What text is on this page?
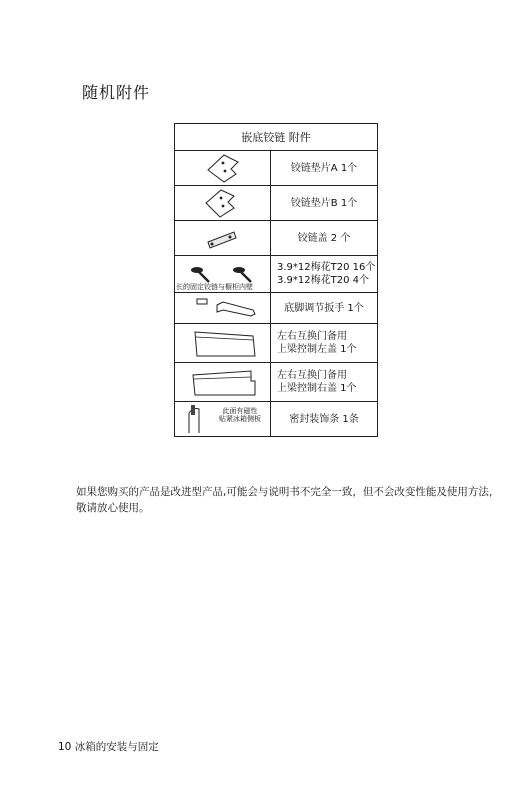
随机附件
嵌底铰链 附件	

	铰链垫片A 1个

	铰链垫片B 1个

	铰链盖 2 个

长的固定铰链与橱柜内壁	3.9*12梅花T20 16个
3.9*12梅花T20 4个

	底脚调节扳手 1个

左右互换门备用
上梁控制左盖 1个

左右互换门备用
上梁控制右盖 1个

此面有磁性
贴紧冰箱侧板	密封装饰条 1条
如果您购买的产品是改进型产品,可能会与说明书不完全一致，但不会改变性能及使用方法，敬请放心使用。
10 冰箱的安装与固定
